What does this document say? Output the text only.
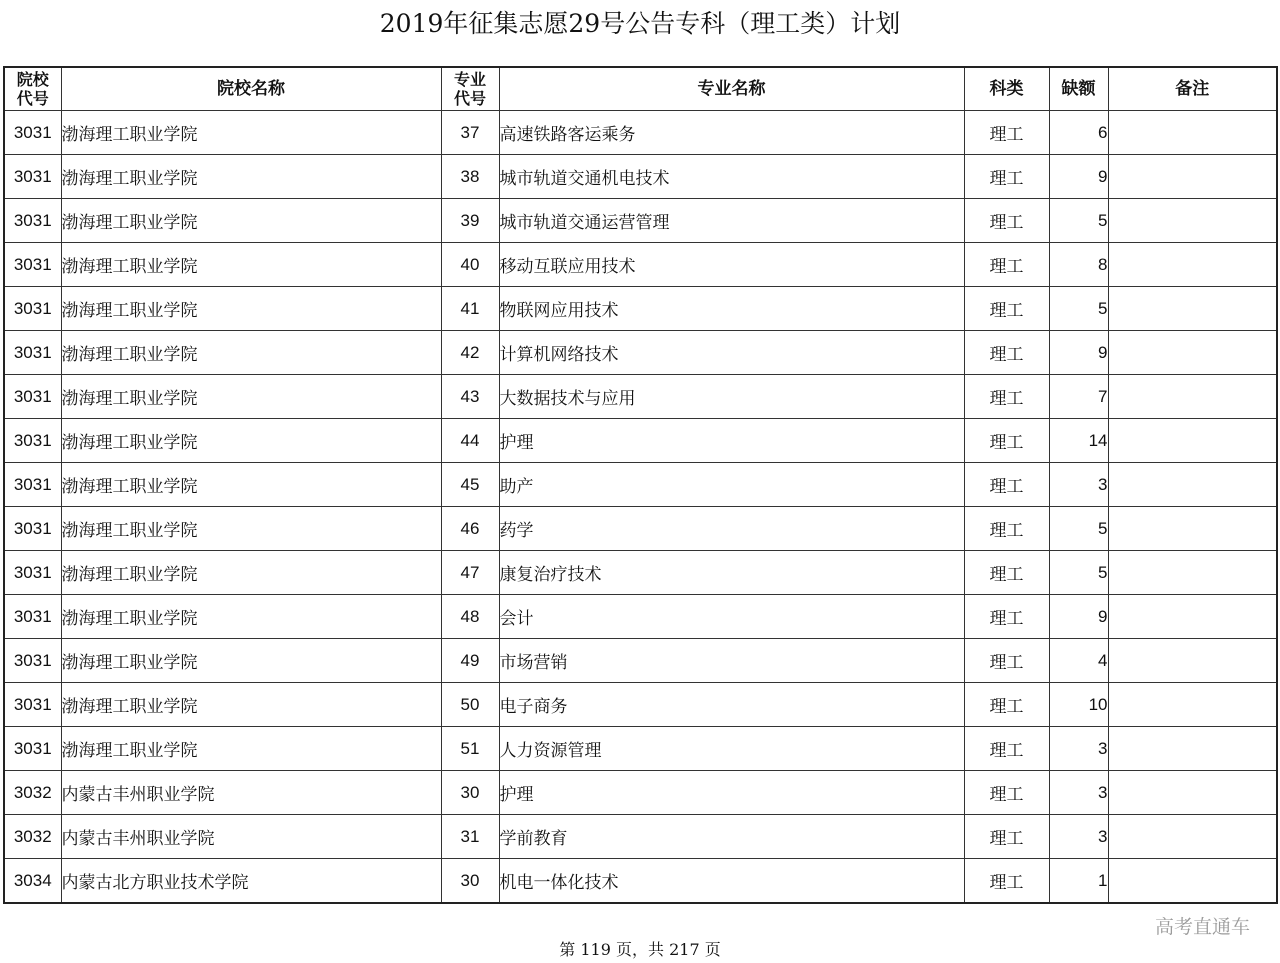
2019年征集志愿29号公告专科（理工类）计划
院校代号	院校名称	专业代号	专业名称	科类	缺额	备注
3031	渤海理工职业学院	37	高速铁路客运乘务	理工	6	
3031	渤海理工职业学院	38	城市轨道交通机电技术	理工	9	
3031	渤海理工职业学院	39	城市轨道交通运营管理	理工	5	
3031	渤海理工职业学院	40	移动互联应用技术	理工	8	
3031	渤海理工职业学院	41	物联网应用技术	理工	5	
3031	渤海理工职业学院	42	计算机网络技术	理工	9	
3031	渤海理工职业学院	43	大数据技术与应用	理工	7	
3031	渤海理工职业学院	44	护理	理工	14	
3031	渤海理工职业学院	45	助产	理工	3	
3031	渤海理工职业学院	46	药学	理工	5	
3031	渤海理工职业学院	47	康复治疗技术	理工	5	
3031	渤海理工职业学院	48	会计	理工	9	
3031	渤海理工职业学院	49	市场营销	理工	4	
3031	渤海理工职业学院	50	电子商务	理工	10	
3031	渤海理工职业学院	51	人力资源管理	理工	3	
3032	内蒙古丰州职业学院	30	护理	理工	3	
3032	内蒙古丰州职业学院	31	学前教育	理工	3	
3034	内蒙古北方职业技术学院	30	机电一体化技术	理工	1	
高考直通车
第 119 页，共 217 页
